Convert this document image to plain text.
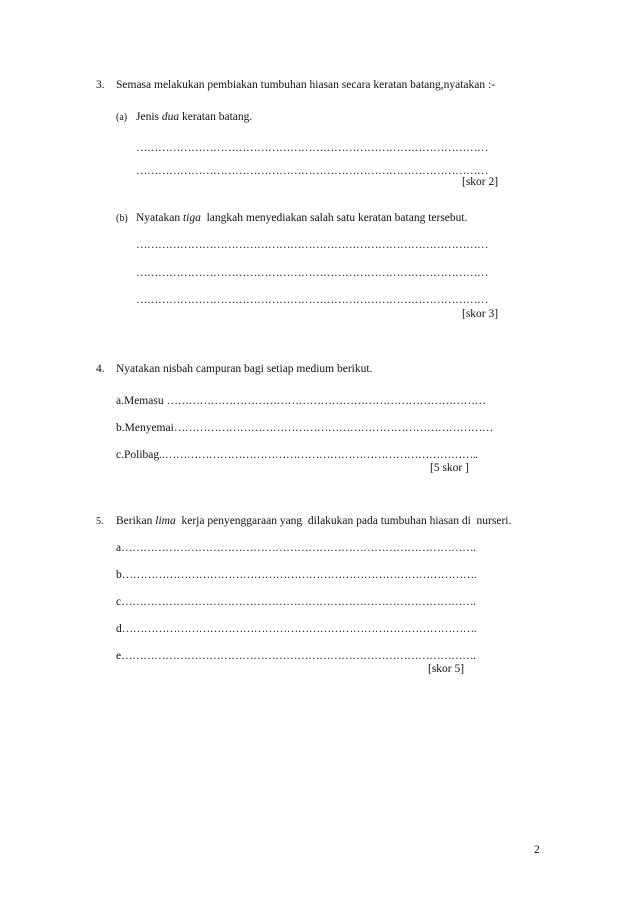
3. Semasa melakukan pembiakan tumbuhan hiasan secara keratan batang,nyatakan :-
(a) Jenis dua keratan batang.
……………………………………………………………………………………
……………………………………………………………………………………
[skor 2]
(b) Nyatakan tiga  langkah menyediakan salah satu keratan batang tersebut.
……………………………………………………………………………………
……………………………………………………………………………………
……………………………………………………………………………………
[skor 3]
4. Nyatakan nisbah campuran bagi setiap medium berikut.
a.Memasu ……………………………………………………………………………
b.Menyemai……………………………………………………………………………
c.Polibag..…………………………………………………………………………..
[5 skor ]
5. Berikan lima  kerja penyenggaraan yang  dilakukan pada tumbuhan hiasan di  nurseri.
a…………………………………………………………………………………….
b…………………………………………………………………………………….
c…………………………………………………………………………………….
d…………………………………………………………………………………….
e…………………………………………………………………………………….
[skor 5]
2
